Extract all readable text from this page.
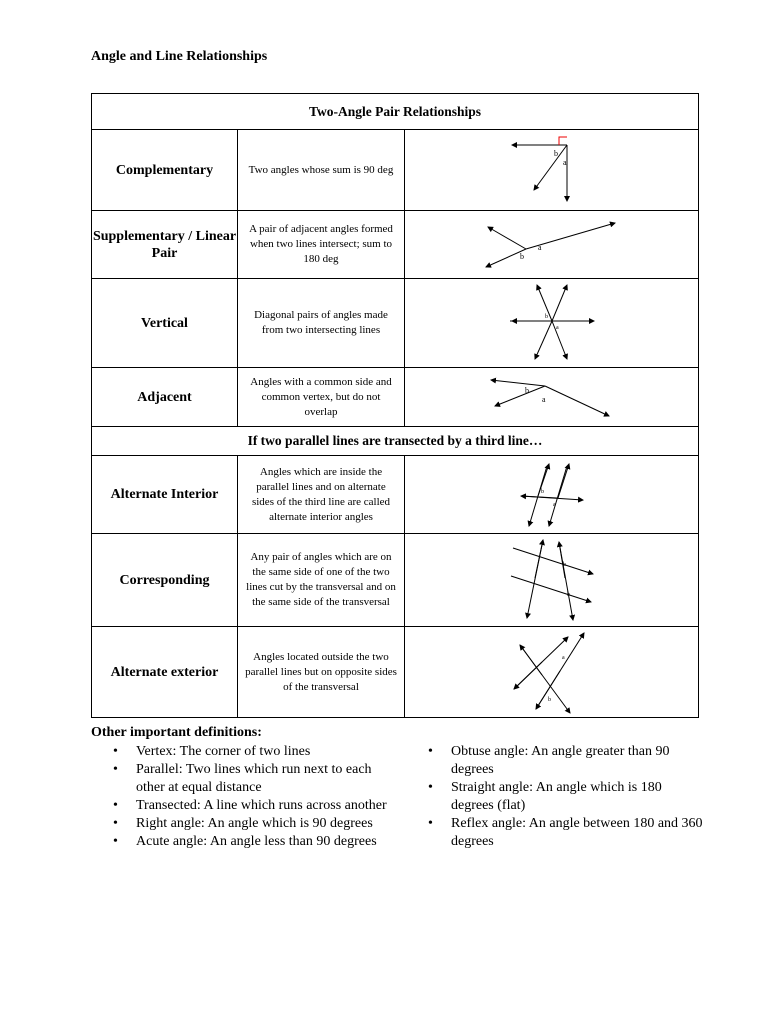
Angle and Line Relationships
Two-Angle Pair Relationships		
Complementary	Two angles whose sum is 90 deg	b
a

Supplementary / Linear Pair	A pair of adjacent angles formed when two lines intersect; sum to 180 deg	b
a

Vertical	Diagonal pairs of angles made from two intersecting lines	b
a

Adjacent	Angles with a common side and common vertex, but do not overlap	b
a

If two parallel lines are transected by a third line…		
Alternate Interior	Angles which are inside the parallel lines and on alternate sides of the third line are called alternate interior angles	b
a

Corresponding	Any pair of angles which are on the same side of one of the two lines cut by the transversal and on the same side of the transversal	b
b

Alternate exterior	Angles located outside the two parallel lines but on opposite sides of the transversal	a
b
Other important definitions:
• Vertex: The corner of two lines
• Parallel: Two lines which run next to each other at equal distance
• Transected: A line which runs across another
• Right angle: An angle which is 90 degrees
• Acute angle: An angle less than 90 degrees
• Obtuse angle: An angle greater than 90 degrees
• Straight angle: An angle which is 180 degrees (flat)
• Reflex angle: An angle between 180 and 360 degrees
